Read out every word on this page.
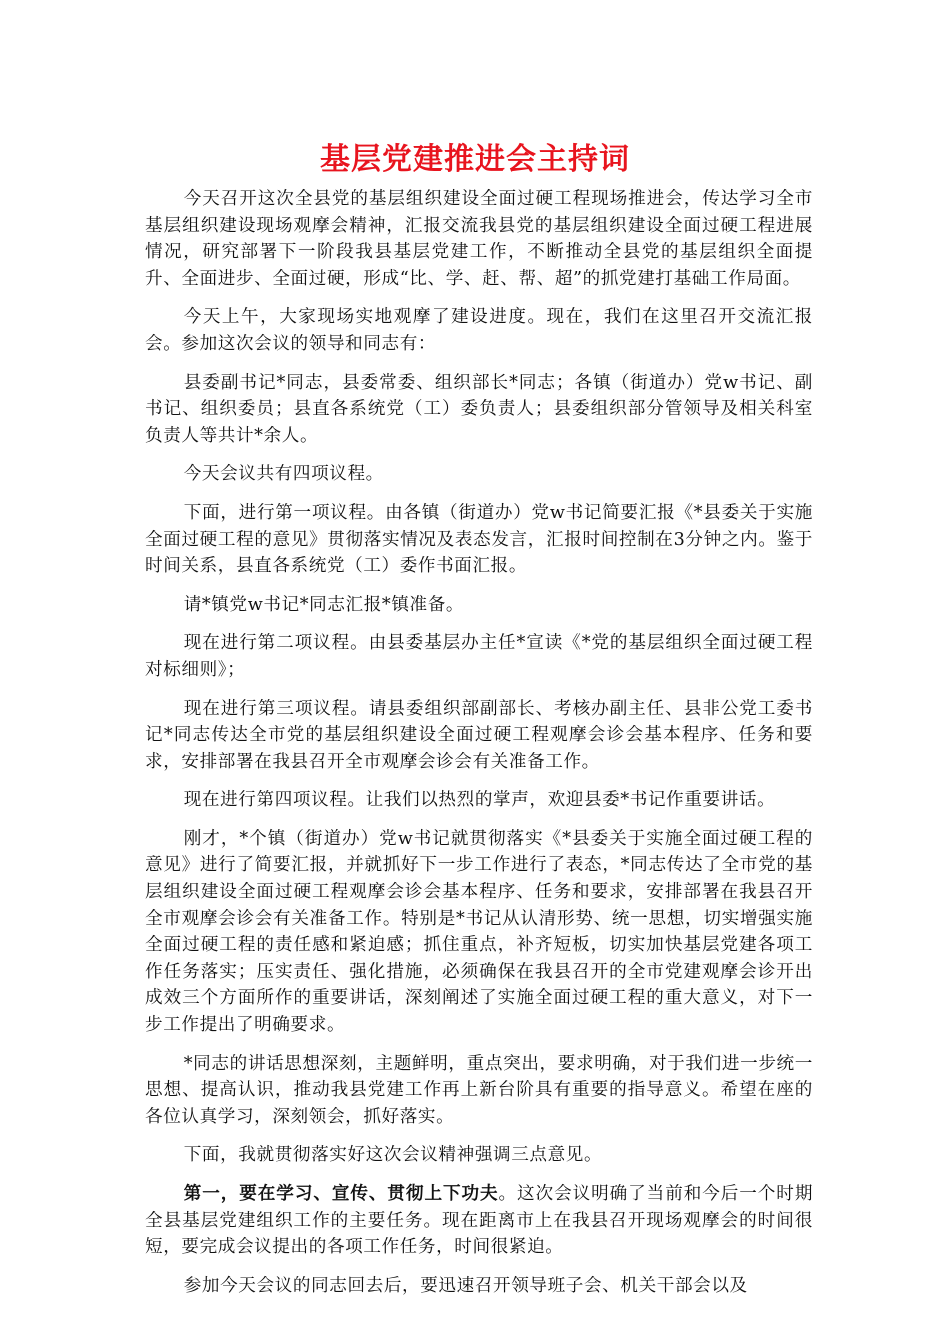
基层党建推进会主持词

今天召开这次全县党的基层组织建设全面过硬工程现场推进会，传达学习全市基层组织建设现场观摩会精神，汇报交流我县党的基层组织建设全面过硬工程进展情况，研究部署下一阶段我县基层党建工作，不断推动全县党的基层组织全面提升、全面进步、全面过硬，形成“比、学、赶、帮、超”的抓党建打基础工作局面。

今天上午，大家现场实地观摩了建设进度。现在，我们在这里召开交流汇报会。参加这次会议的领导和同志有：

县委副书记*同志，县委常委、组织部长*同志；各镇（街道办）党w书记、副书记、组织委员；县直各系统党（工）委负责人；县委组织部分管领导及相关科室负责人等共计*余人。

今天会议共有四项议程。

下面，进行第一项议程。由各镇（街道办）党w书记简要汇报《*县委关于实施全面过硬工程的意见》贯彻落实情况及表态发言，汇报时间控制在3分钟之内。鉴于时间关系，县直各系统党（工）委作书面汇报。

请*镇党w书记*同志汇报*镇准备。

现在进行第二项议程。由县委基层办主任*宣读《*党的基层组织全面过硬工程对标细则》；

现在进行第三项议程。请县委组织部副部长、考核办副主任、县非公党工委书记*同志传达全市党的基层组织建设全面过硬工程观摩会诊会基本程序、任务和要求，安排部署在我县召开全市观摩会诊会有关准备工作。

现在进行第四项议程。让我们以热烈的掌声，欢迎县委*书记作重要讲话。

刚才，*个镇（街道办）党w书记就贯彻落实《*县委关于实施全面过硬工程的意见》进行了简要汇报，并就抓好下一步工作进行了表态，*同志传达了全市党的基层组织建设全面过硬工程观摩会诊会基本程序、任务和要求，安排部署在我县召开全市观摩会诊会有关准备工作。特别是*书记从认清形势、统一思想，切实增强实施全面过硬工程的责任感和紧迫感；抓住重点，补齐短板，切实加快基层党建各项工作任务落实；压实责任、强化措施，必须确保在我县召开的全市党建观摩会诊开出成效三个方面所作的重要讲话，深刻阐述了实施全面过硬工程的重大意义，对下一步工作提出了明确要求。

*同志的讲话思想深刻，主题鲜明，重点突出，要求明确，对于我们进一步统一思想、提高认识，推动我县党建工作再上新台阶具有重要的指导意义。希望在座的各位认真学习，深刻领会，抓好落实。

下面，我就贯彻落实好这次会议精神强调三点意见。

第一，要在学习、宣传、贯彻上下功夫。这次会议明确了当前和今后一个时期全县基层党建组织工作的主要任务。现在距离市上在我县召开现场观摩会的时间很短，要完成会议提出的各项工作任务，时间很紧迫。

参加今天会议的同志回去后，要迅速召开领导班子会、机关干部会以及
